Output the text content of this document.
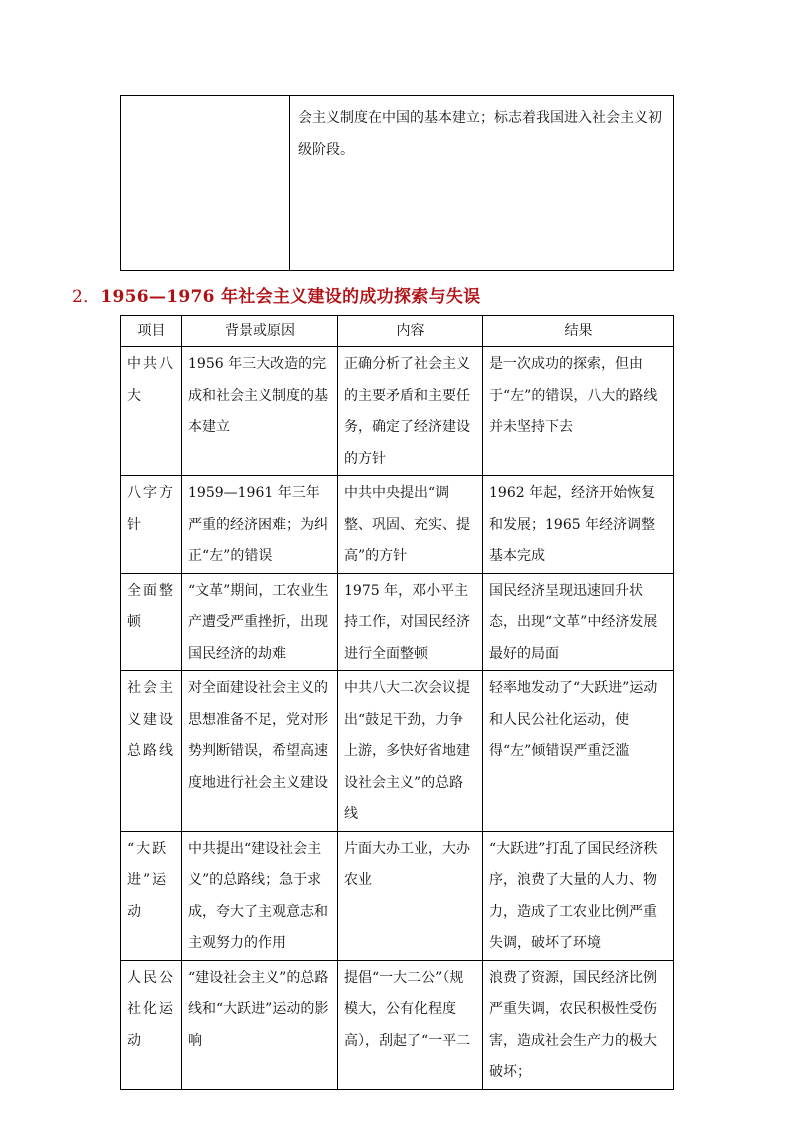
	会主义制度在中国的基本建立；标志着我国进入社会主义初级阶段。
2．1956—1976 年社会主义建设的成功探索与失误
项目	背景或原因	内容	结果
中共八大	1956 年三大改造的完成和社会主义制度的基本建立	正确分析了社会主义的主要矛盾和主要任务，确定了经济建设的方针	是一次成功的探索，但由于“左”的错误，八大的路线并未坚持下去
八字方针	1959—1961 年三年严重的经济困难；为纠正“左”的错误	中共中央提出“调整、巩固、充实、提高”的方针	1962 年起，经济开始恢复和发展；1965 年经济调整基本完成
全面整顿	“文革”期间，工农业生产遭受严重挫折，出现国民经济的劫难	1975 年，邓小平主持工作，对国民经济进行全面整顿	国民经济呈现迅速回升状态，出现“文革”中经济发展最好的局面
社会主义建设总路线	对全面建设社会主义的思想准备不足，党对形势判断错误，希望高速度地进行社会主义建设	中共八大二次会议提出“鼓足干劲，力争上游，多快好省地建设社会主义”的总路线	轻率地发动了“大跃进”运动和人民公社化运动，使得“左”倾错误严重泛滥
“大跃进”运动	中共提出“建设社会主义”的总路线；急于求成，夸大了主观意志和主观努力的作用	片面大办工业，大办农业	“大跃进”打乱了国民经济秩序，浪费了大量的人力、物力，造成了工农业比例严重失调，破坏了环境
人民公社化运动	“建设社会主义”的总路线和“大跃进”运动的影响	提倡“一大二公”（规模大，公有化程度高），刮起了“一平二	浪费了资源，国民经济比例严重失调，农民积极性受伤害，造成社会生产力的极大破坏；
